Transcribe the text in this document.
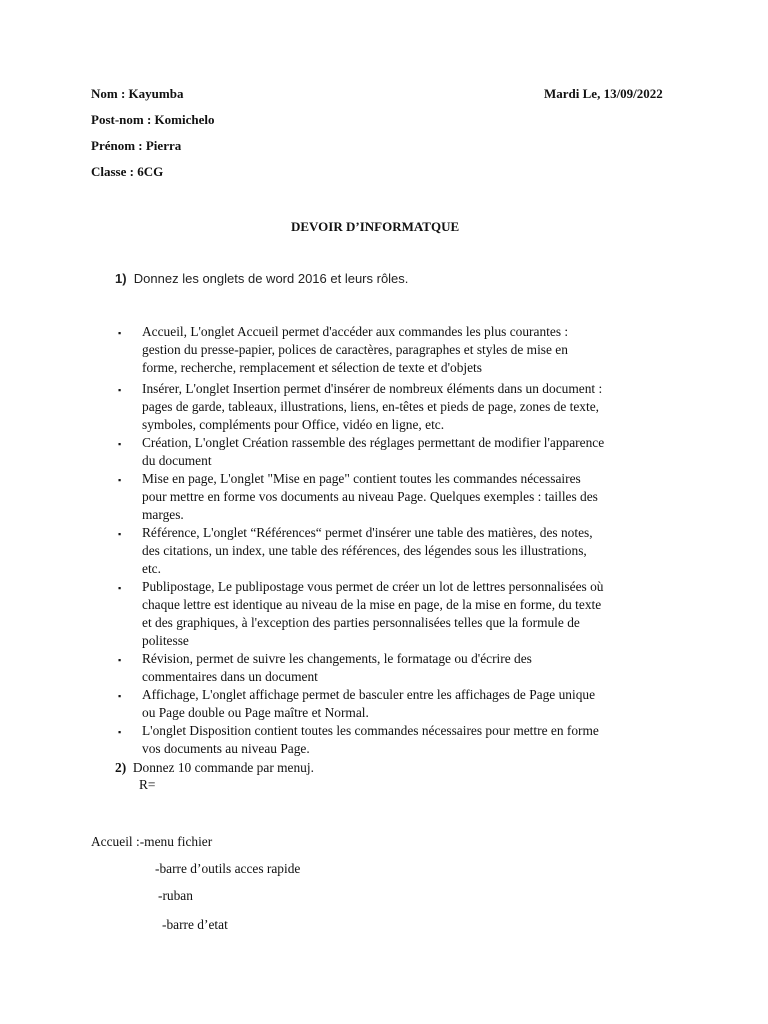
Nom : Kayumba	Mardi Le, 13/09/2022
Post-nom : Komichelo
Prénom : Pierra
Classe : 6CG
DEVOIR D’INFORMATQUE
1) Donnez les onglets de word 2016 et leurs rôles.
▪ Accueil, L'onglet Accueil permet d'accéder aux commandes les plus courantes :
gestion du presse-papier, polices de caractères, paragraphes et styles de mise en
forme, recherche, remplacement et sélection de texte et d'objets
▪ Insérer, L'onglet Insertion permet d'insérer de nombreux éléments dans un document :
pages de garde, tableaux, illustrations, liens, en-têtes et pieds de page, zones de texte,
symboles, compléments pour Office, vidéo en ligne, etc.
▪ Création, L'onglet Création rassemble des réglages permettant de modifier l'apparence
du document
▪ Mise en page, L'onglet "Mise en page" contient toutes les commandes nécessaires
pour mettre en forme vos documents au niveau Page. Quelques exemples : tailles des
marges.
▪ Référence, L'onglet “Références“ permet d'insérer une table des matières, des notes,
des citations, un index, une table des références, des légendes sous les illustrations,
etc.
▪ Publipostage, Le publipostage vous permet de créer un lot de lettres personnalisées où
chaque lettre est identique au niveau de la mise en page, de la mise en forme, du texte
et des graphiques, à l'exception des parties personnalisées telles que la formule de
politesse
▪ Révision, permet de suivre les changements, le formatage ou d'écrire des
commentaires dans un document
▪ Affichage, L'onglet affichage permet de basculer entre les affichages de Page unique
ou Page double ou Page maître et Normal.
▪ L'onglet Disposition contient toutes les commandes nécessaires pour mettre en forme
vos documents au niveau Page.
2) Donnez 10 commande par menuj.
R=
Accueil :-menu fichier
-barre d’outils acces rapide
-ruban
-barre d’etat
